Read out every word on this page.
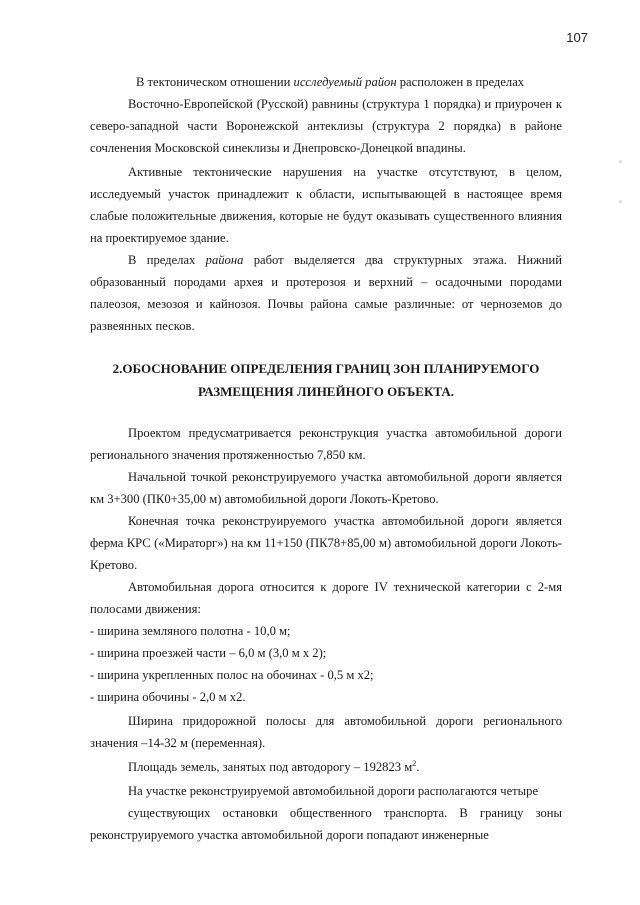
107

В тектоническом отношении исследуемый район расположен в пределах

Восточно-Европейской (Русской) равнины (структура 1 порядка) и приурочен к северо-западной части Воронежской антеклизы (структура 2 порядка) в районе сочленения Московской синеклизы и Днепровско-Донецкой впадины.

Активные тектонические нарушения на участке отсутствуют, в целом, исследуемый участок принадлежит к области, испытывающей в настоящее время слабые положительные движения, которые не будут оказывать существенного влияния на проектируемое здание.

В пределах района работ выделяется два структурных этажа. Нижний образованный породами архея и протерозоя и верхний – осадочными породами палеозоя, мезозоя и кайнозоя. Почвы района самые различные: от черноземов до развеянных песков.

2.ОБОСНОВАНИЕ ОПРЕДЕЛЕНИЯ ГРАНИЦ ЗОН ПЛАНИРУЕМОГО
РАЗМЕЩЕНИЯ ЛИНЕЙНОГО ОБЪЕКТА.

Проектом предусматривается реконструкция участка автомобильной дороги регионального значения протяженностью 7,850 км.

Начальной точкой реконструируемого участка автомобильной дороги является км 3+300 (ПК0+35,00 м) автомобильной дороги Локоть-Кретово.

Конечная точка реконструируемого участка автомобильной дороги является ферма КРС («Мираторг») на км 11+150 (ПК78+85,00 м) автомобильной дороги Локоть-Кретово.

Автомобильная дорога относится к дороге IV технической категории с 2-мя полосами движения:

- ширина земляного полотна - 10,0 м;

- ширина проезжей части – 6,0 м (3,0 м х 2);

- ширина укрепленных полос на обочинах - 0,5 м х2;

- ширина обочины - 2,0 м х2.

Ширина придорожной полосы для автомобильной дороги регионального значения –14-32 м (переменная).

Площадь земель, занятых под автодорогу – 192823 $м^2$.

На участке реконструируемой автомобильной дороги располагаются четыре

существующих остановки общественного транспорта. В границу зоны реконструируемого участка автомобильной дороги попадают инженерные
